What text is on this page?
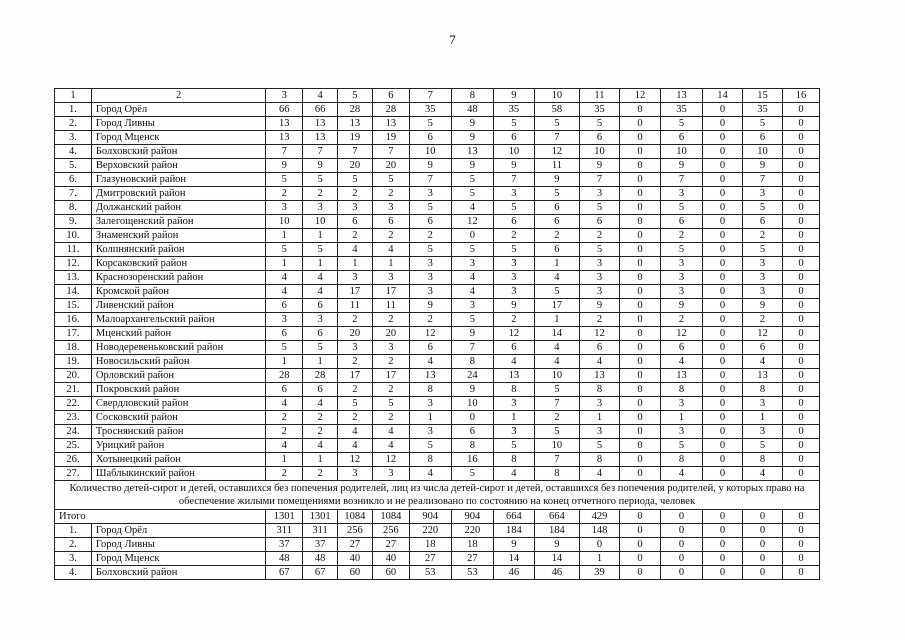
7
1	2	3	4	5	6	7	8	9	10	11	12	13	14	15	16
1.	Город Орёл	66	66	28	28	35	48	35	58	35	0	35	0	35	0
2.	Город Ливны	13	13	13	13	5	9	5	5	5	0	5	0	5	0
3.	Город Мценск	13	13	19	19	6	9	6	7	6	0	6	0	6	0
4.	Болховский район	7	7	7	7	10	13	10	12	10	0	10	0	10	0
5.	Верховский район	9	9	20	20	9	9	9	11	9	0	9	0	9	0
6.	Глазуновский район	5	5	5	5	7	5	7	9	7	0	7	0	7	0
7.	Дмитровский район	2	2	2	2	3	5	3	5	3	0	3	0	3	0
8.	Должанский район	3	3	3	3	5	4	5	6	5	0	5	0	5	0
9.	Залегощенский район	10	10	6	6	6	12	6	6	6	0	6	0	6	0
10.	Знаменский район	1	1	2	2	2	0	2	2	2	0	2	0	2	0
11.	Колпнянский район	5	5	4	4	5	5	5	6	5	0	5	0	5	0
12.	Корсаковский район	1	1	1	1	3	3	3	1	3	0	3	0	3	0
13.	Краснозоренский район	4	4	3	3	3	4	3	4	3	0	3	0	3	0
14.	Кромской район	4	4	17	17	3	4	3	5	3	0	3	0	3	0
15.	Ливенский район	6	6	11	11	9	3	9	17	9	0	9	0	9	0
16.	Малоархангельский район	3	3	2	2	2	5	2	1	2	0	2	0	2	0
17.	Мценский район	6	6	20	20	12	9	12	14	12	0	12	0	12	0
18.	Новодеревеньковский район	5	5	3	3	6	7	6	4	6	0	6	0	6	0
19.	Новосильский район	1	1	2	2	4	8	4	4	4	0	4	0	4	0
20.	Орловский район	28	28	17	17	13	24	13	10	13	0	13	0	13	0
21.	Покровский район	6	6	2	2	8	9	8	5	8	0	8	0	8	0
22.	Свердловский район	4	4	5	5	3	10	3	7	3	0	3	0	3	0
23.	Сосковский район	2	2	2	2	1	0	1	2	1	0	1	0	1	0
24.	Троснянский район	2	2	4	4	3	6	3	5	3	0	3	0	3	0
25.	Урицкий район	4	4	4	4	5	8	5	10	5	0	5	0	5	0
26.	Хотынецкий район	1	1	12	12	8	16	8	7	8	0	8	0	8	0
27.	Шаблыкинский район	2	2	3	3	4	5	4	8	4	0	4	0	4	0
Количество детей-сирот и детей, оставшихся без попечения родителей, лиц из числа детей-сирот и детей, оставшихся без попечения родителей, у которых право на обеспечение жилыми помещениями возникло и не реализовано по состоянию на конец отчетного периода, человек															
Итого		1301	1301	1084	1084	904	904	664	664	429	0	0	0	0	0
1.	Город Орёл	311	311	256	256	220	220	184	184	148	0	0	0	0	0
2.	Город Ливны	37	37	27	27	18	18	9	9	0	0	0	0	0	0
3.	Город Мценск	48	48	40	40	27	27	14	14	1	0	0	0	0	0
4.	Болховский район	67	67	60	60	53	53	46	46	39	0	0	0	0	0
